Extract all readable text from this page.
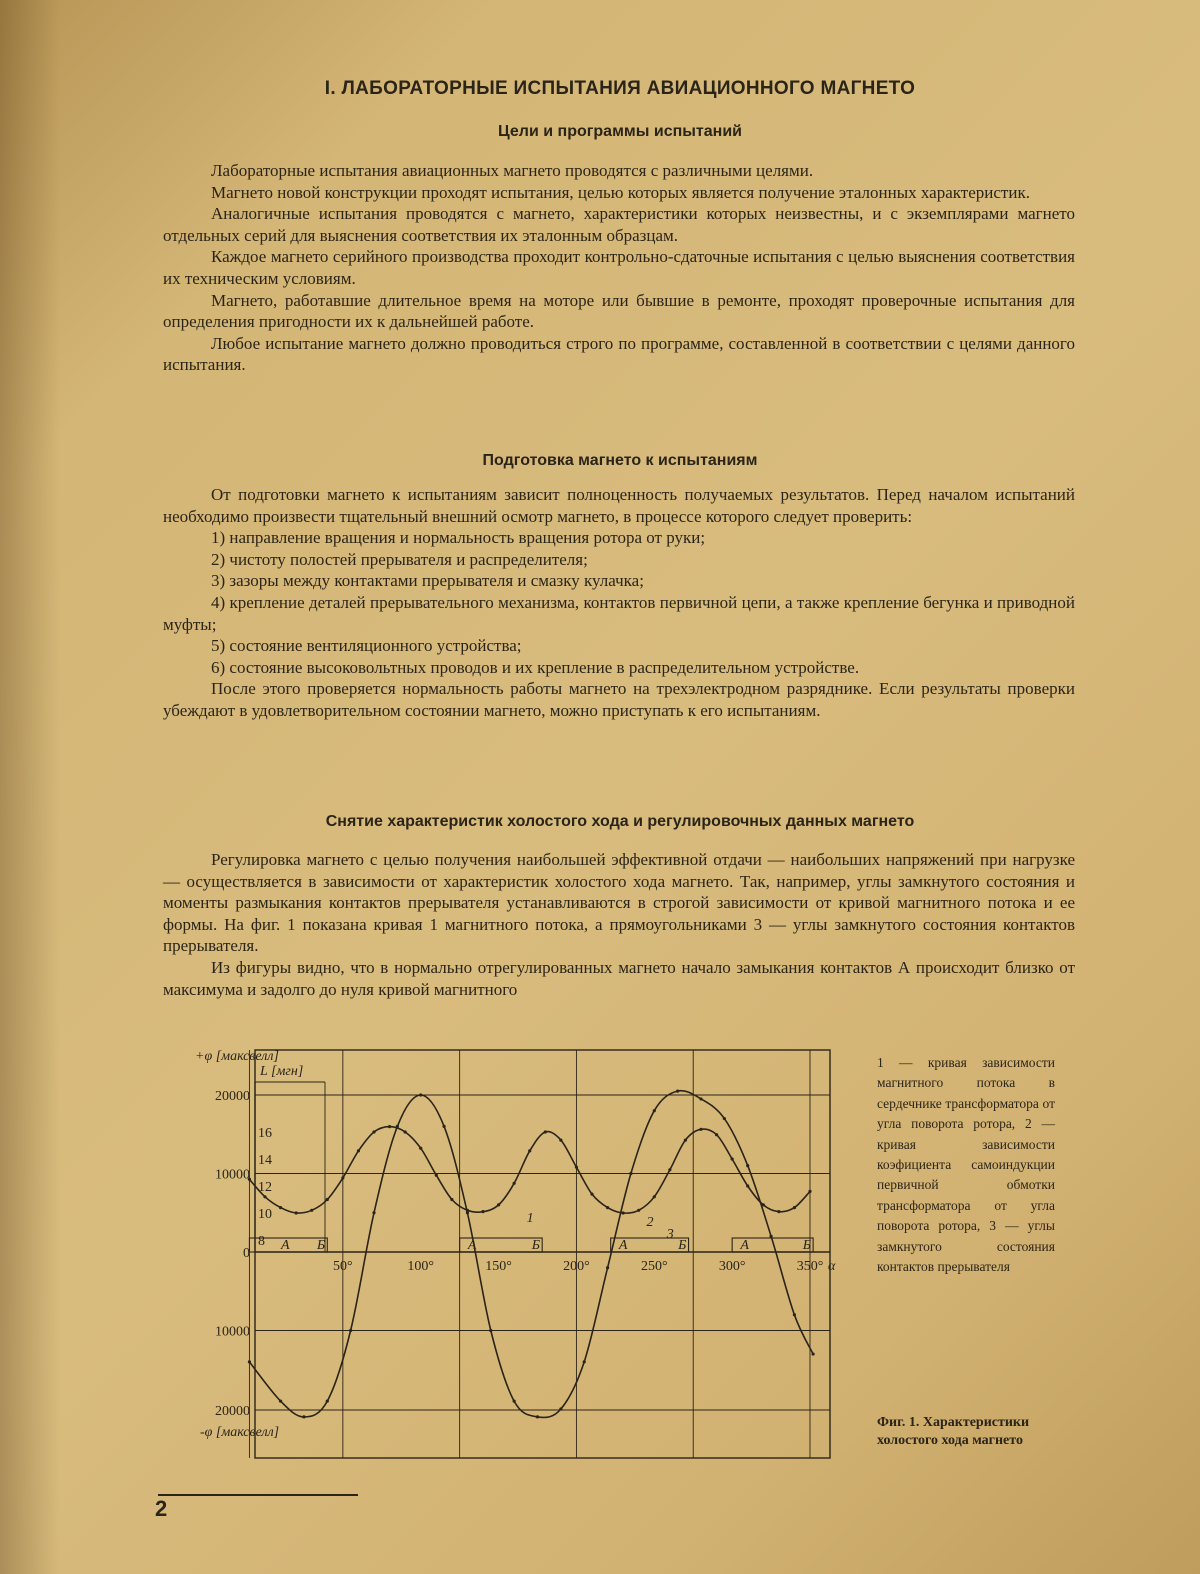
I. ЛАБОРАТОРНЫЕ ИСПЫТАНИЯ АВИАЦИОННОГО МАГНЕТО
Цели и программы испытаний

Лабораторные испытания авиационных магнето проводятся с различными целями.

Магнето новой конструкции проходят испытания, целью которых является получение эталонных характеристик.

Аналогичные испытания проводятся с магнето, характеристики которых неизвестны, и с экземплярами магнето отдельных серий для выяснения соответствия их эталонным образцам.

Каждое магнето серийного производства проходит контрольно-сдаточные испытания с целью выяснения соответствия их техническим условиям.

Магнето, работавшие длительное время на моторе или бывшие в ремонте, проходят проверочные испытания для определения пригодности их к дальнейшей работе.

Любое испытание магнето должно проводиться строго по программе, составленной в соответствии с целями данного испытания.

Подготовка магнето к испытаниям

От подготовки магнето к испытаниям зависит полноценность получаемых результатов. Перед началом испытаний необходимо произвести тщательный внешний осмотр магнето, в процессе которого следует проверить:

1) направление вращения и нормальность вращения ротора от руки;

2) чистоту полостей прерывателя и распределителя;

3) зазоры между контактами прерывателя и смазку кулачка;

4) крепление деталей прерывательного механизма, контактов первичной цепи, а также крепление бегунка и приводной муфты;

5) состояние вентиляционного устройства;

6) состояние высоковольтных проводов и их крепление в распределительном устройстве.

После этого проверяется нормальность работы магнето на трехэлектродном разряднике. Если результаты проверки убеждают в удовлетворительном состоянии магнето, можно приступать к его испытаниям.

Снятие характеристик холостого хода и регулировочных данных магнето

Регулировка магнето с целью получения наибольшей эффективной отдачи — наибольших напряжений при нагрузке — осуществляется в зависимости от характеристик холостого хода магнето. Так, например, углы замкнутого состояния и моменты размыкания контактов прерывателя устанавливаются в строгой зависимости от кривой магнитного потока и ее формы. На фиг. 1 показана кривая 1 магнитного потока, а прямоугольниками 3 — углы замкнутого состояния контактов прерывателя.

Из фигуры видно, что в нормально отрегулированных магнето начало замыкания контактов А происходит близко от максимума и задолго до нуля кривой магнитного

+φ [максвелл]
-φ [максвелл]
L [мгн]
20000
10000
0
10000
20000
16
14
12
10
8
50°	100°	150°	200°	250°	300°	350° α
А Б	А	Б	А	Б	А	Б
1	2
3

1 — кривая зависимости магнитного потока в сердечнике трансформатора от угла поворота ротора, 2 — кривая зависимости коэфициента самоиндукции первичной обмотки трансформатора от угла поворота ротора, 3 — углы замкнутого состояния контактов прерывателя

Фиг. 1. Характеристики холостого хода магнето

2
